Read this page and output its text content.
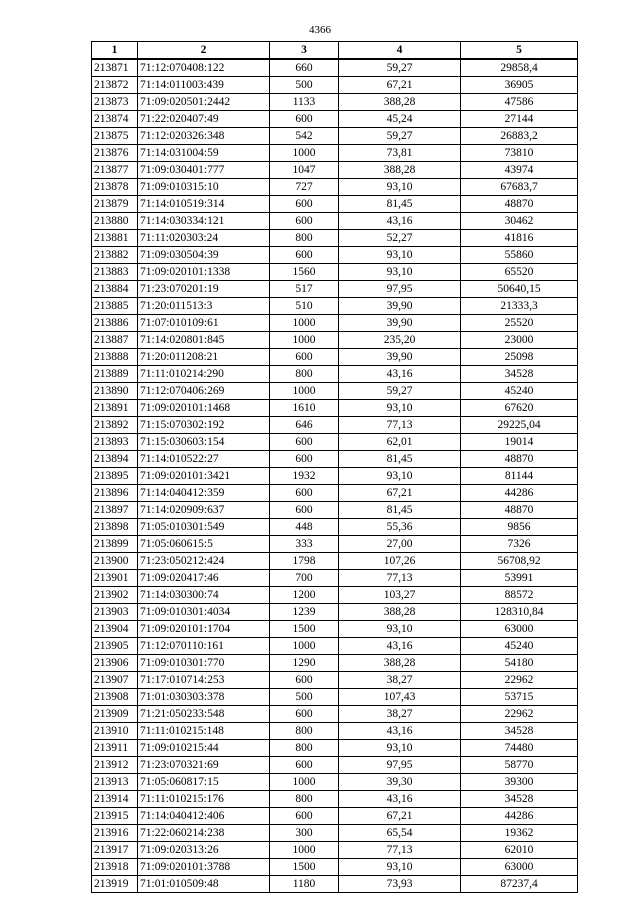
4366
1	2	3	4	5
213871	71:12:070408:122	660	59,27	29858,4
213872	71:14:011003:439	500	67,21	36905
213873	71:09:020501:2442	1133	388,28	47586
213874	71:22:020407:49	600	45,24	27144
213875	71:12:020326:348	542	59,27	26883,2
213876	71:14:031004:59	1000	73,81	73810
213877	71:09:030401:777	1047	388,28	43974
213878	71:09:010315:10	727	93,10	67683,7
213879	71:14:010519:314	600	81,45	48870
213880	71:14:030334:121	600	43,16	30462
213881	71:11:020303:24	800	52,27	41816
213882	71:09:030504:39	600	93,10	55860
213883	71:09:020101:1338	1560	93,10	65520
213884	71:23:070201:19	517	97,95	50640,15
213885	71:20:011513:3	510	39,90	21333,3
213886	71:07:010109:61	1000	39,90	25520
213887	71:14:020801:845	1000	235,20	23000
213888	71:20:011208:21	600	39,90	25098
213889	71:11:010214:290	800	43,16	34528
213890	71:12:070406:269	1000	59,27	45240
213891	71:09:020101:1468	1610	93,10	67620
213892	71:15:070302:192	646	77,13	29225,04
213893	71:15:030603:154	600	62,01	19014
213894	71:14:010522:27	600	81,45	48870
213895	71:09:020101:3421	1932	93,10	81144
213896	71:14:040412:359	600	67,21	44286
213897	71:14:020909:637	600	81,45	48870
213898	71:05:010301:549	448	55,36	9856
213899	71:05:060615:5	333	27,00	7326
213900	71:23:050212:424	1798	107,26	56708,92
213901	71:09:020417:46	700	77,13	53991
213902	71:14:030300:74	1200	103,27	88572
213903	71:09:010301:4034	1239	388,28	128310,84
213904	71:09:020101:1704	1500	93,10	63000
213905	71:12:070110:161	1000	43,16	45240
213906	71:09:010301:770	1290	388,28	54180
213907	71:17:010714:253	600	38,27	22962
213908	71:01:030303:378	500	107,43	53715
213909	71:21:050233:548	600	38,27	22962
213910	71:11:010215:148	800	43,16	34528
213911	71:09:010215:44	800	93,10	74480
213912	71:23:070321:69	600	97,95	58770
213913	71:05:060817:15	1000	39,30	39300
213914	71:11:010215:176	800	43,16	34528
213915	71:14:040412:406	600	67,21	44286
213916	71:22:060214:238	300	65,54	19362
213917	71:09:020313:26	1000	77,13	62010
213918	71:09:020101:3788	1500	93,10	63000
213919	71:01:010509:48	1180	73,93	87237,4
